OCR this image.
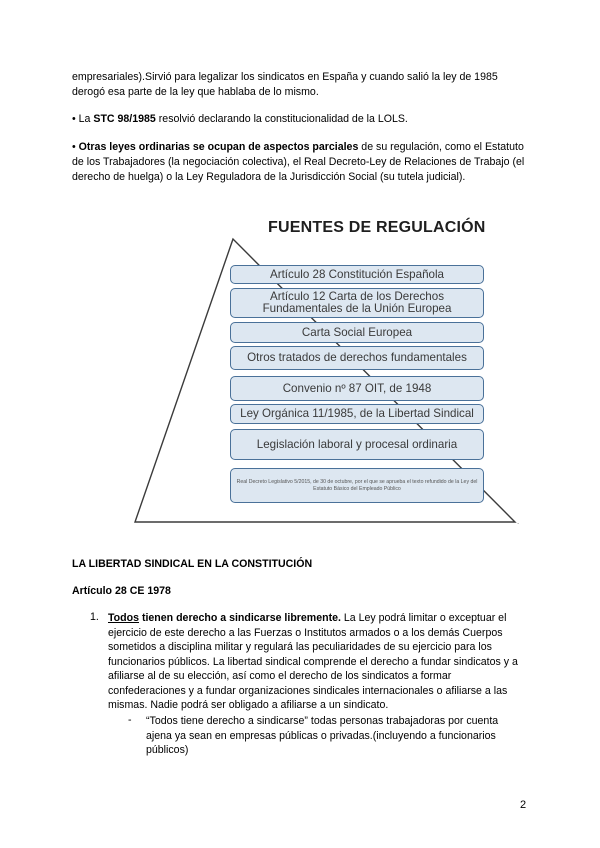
empresariales).Sirvió para legalizar los sindicatos en España y cuando salió la ley de 1985 derogó esa parte de la ley que hablaba de lo mismo.
• La STC 98/1985 resolvió declarando la constitucionalidad de la LOLS.
• Otras leyes ordinarias se ocupan de aspectos parciales de su regulación, como el Estatuto de los Trabajadores (la negociación colectiva), el Real Decreto-Ley de Relaciones de Trabajo (el derecho de huelga) o la Ley Reguladora de la Jurisdicción Social (su tutela judicial).
.
FUENTES DE REGULACIÓN
Artículo 28 Constitución Española
Artículo 12 Carta de los Derechos Fundamentales de la Unión Europea
Carta Social Europea
Otros tratados de derechos fundamentales
Convenio nº 87 OIT, de 1948
Ley Orgánica 11/1985, de la Libertad Sindical
Legislación laboral y procesal ordinaria
Real Decreto Legislativo 5/2015, de 30 de octubre, por el que se aprueba el texto refundido de la Ley del Estatuto Básico del Empleado Público
LA LIBERTAD SINDICAL EN LA CONSTITUCIÓN
Artículo 28 CE 1978
1. Todos tienen derecho a sindicarse libremente. La Ley podrá limitar o exceptuar el ejercicio de este derecho a las Fuerzas o Institutos armados o a los demás Cuerpos sometidos a disciplina militar y regulará las peculiaridades de su ejercicio para los funcionarios públicos. La libertad sindical comprende el derecho a fundar sindicatos y a afiliarse al de su elección, así como el derecho de los sindicatos a formar confederaciones y a fundar organizaciones sindicales internacionales o afiliarse a las mismas. Nadie podrá ser obligado a afiliarse a un sindicato.
- “Todos tiene derecho a sindicarse” todas personas trabajadoras por cuenta ajena ya sean en empresas públicas o privadas.(incluyendo a funcionarios públicos)
2
